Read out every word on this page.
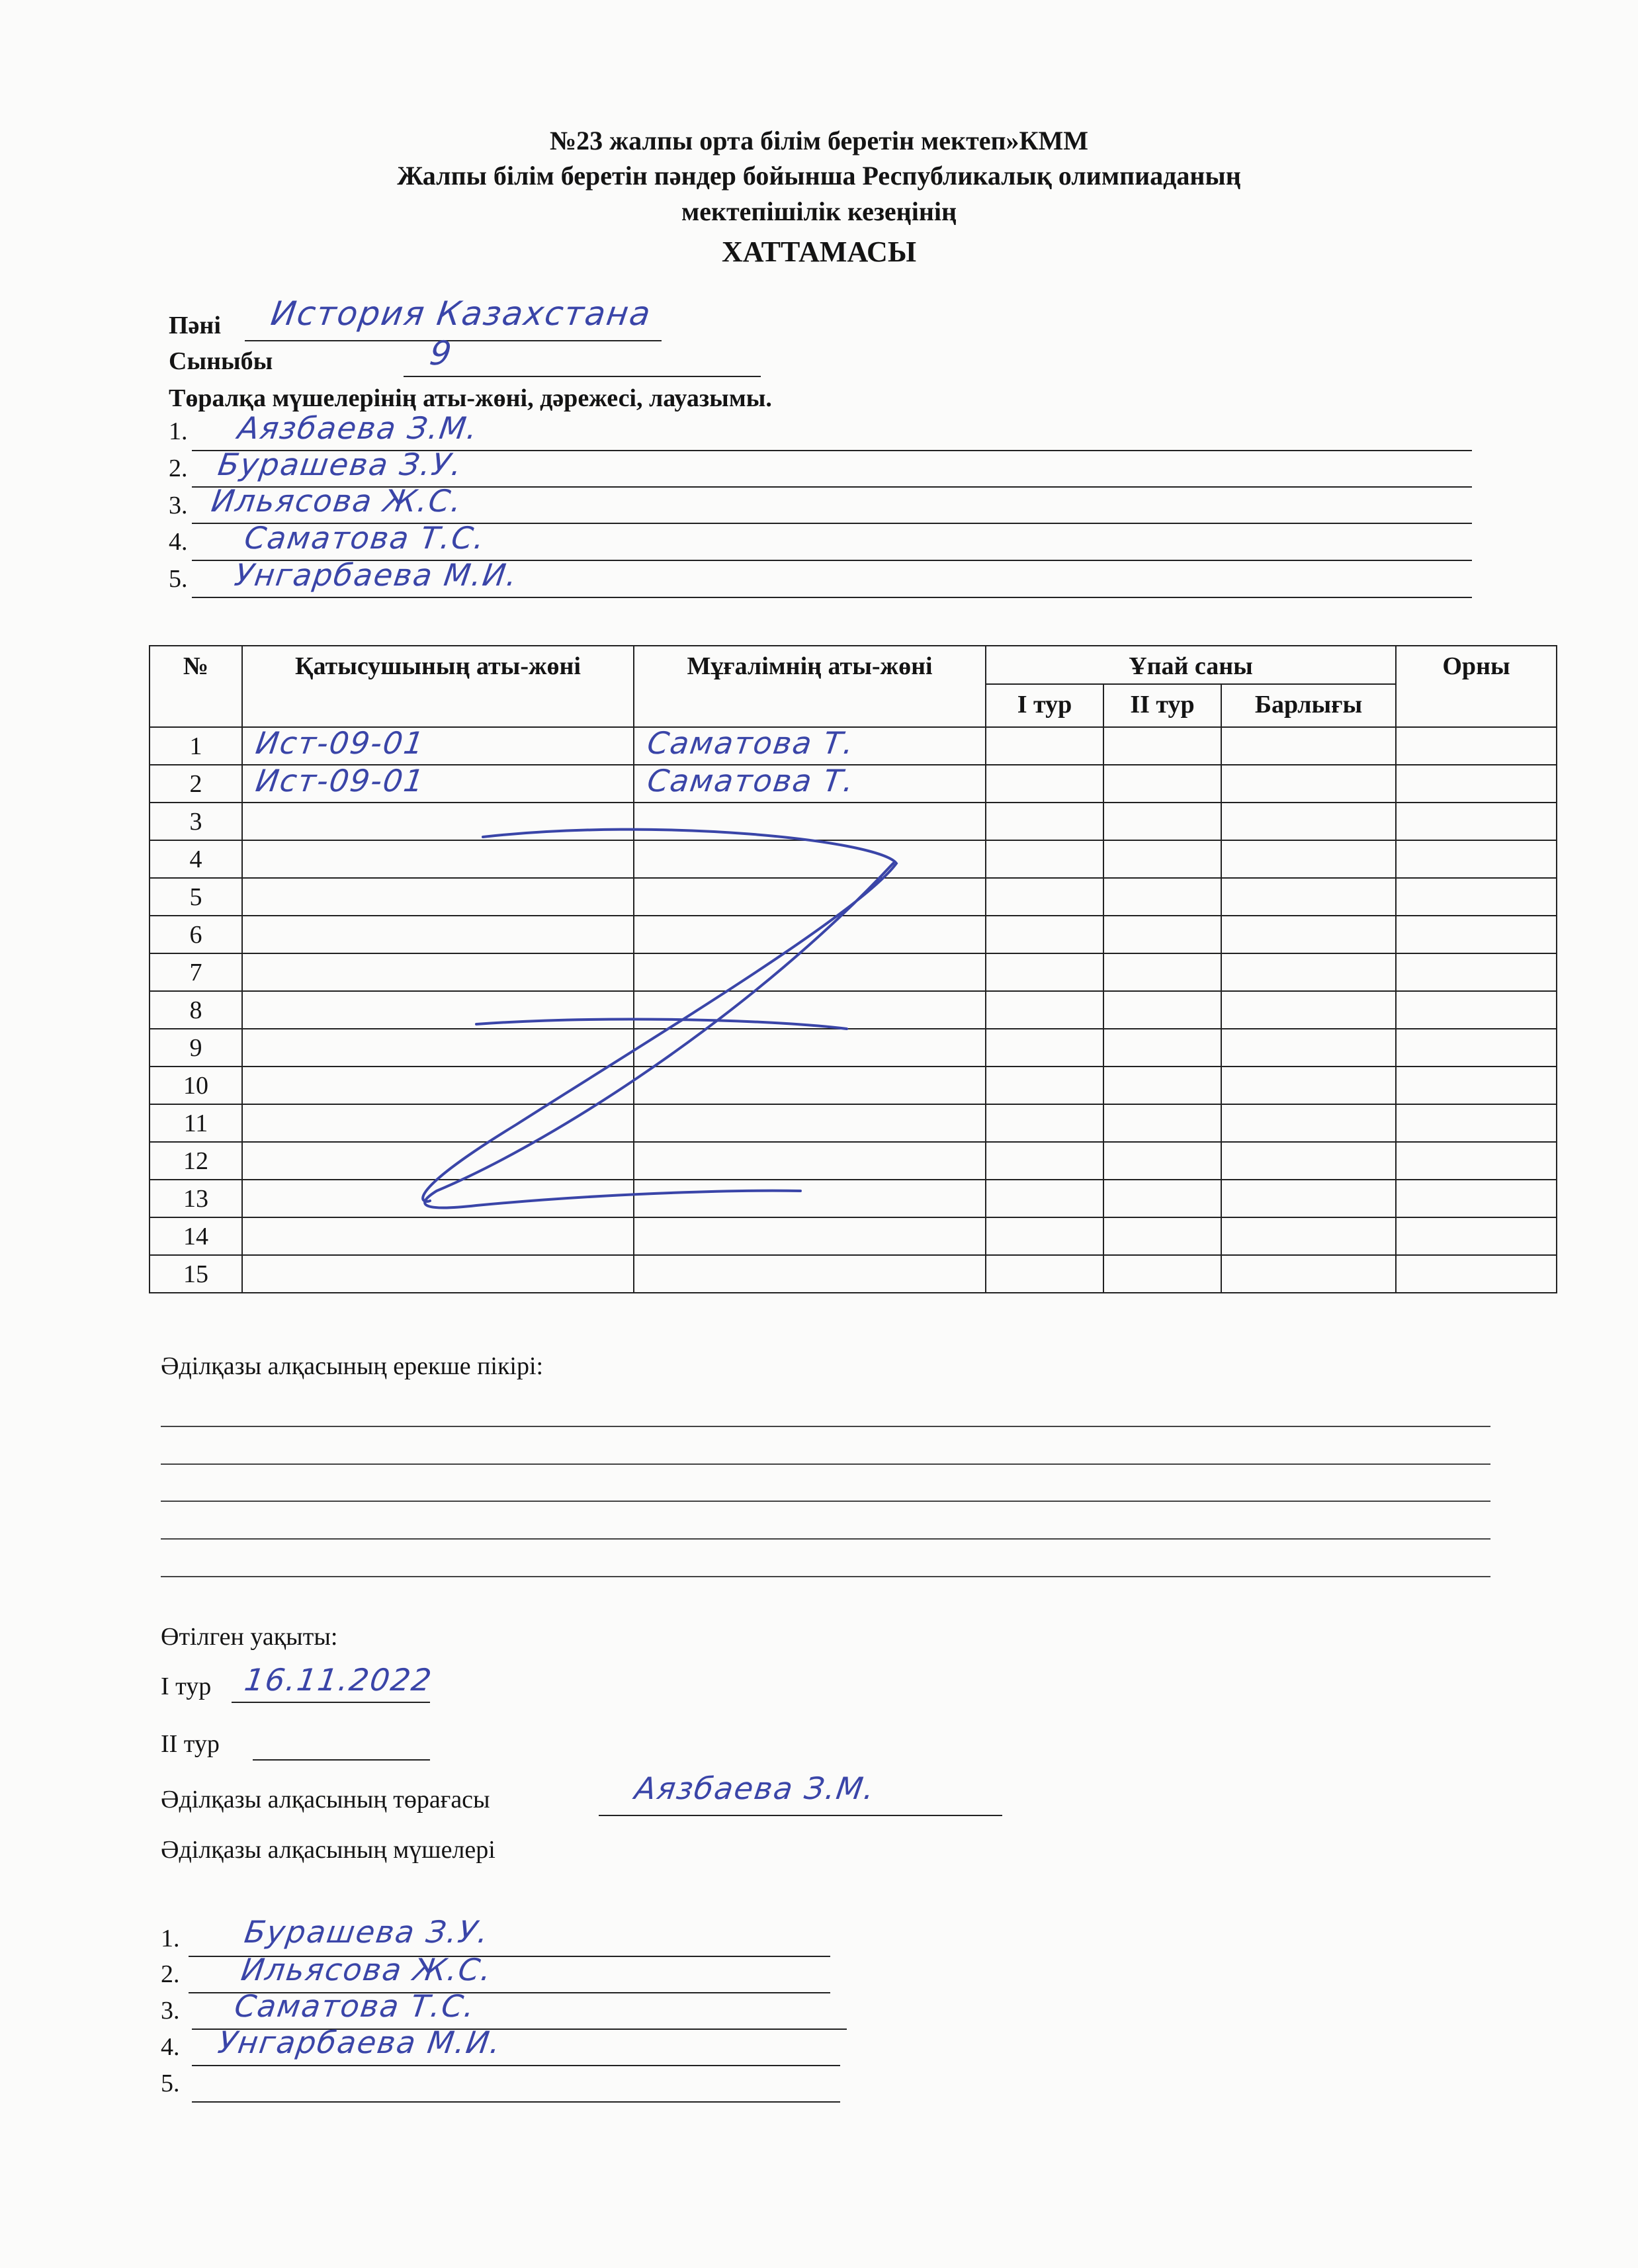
№23 жалпы орта білім беретін мектеп»КММ
Жалпы білім беретін пәндер бойынша Республикалық олимпиаданың
мектепішілік кезеңінің
ХАТТАМАСЫ
Пәні История Казахстана
Сыныбы	9
Төралқа мүшелерінің аты-жөні, дәрежесі, лауазымы.
1. Аязбаева З.М.
2. Бурашева З.У.
3. Ильясова Ж.С.
4. Саматова Т.С.
5. Унгарбаева М.И.
№	Қатысушының аты-жөні	Мұғалімнің аты-жөні	Ұпай саны			Орны
			І тур	ІІ тур	Барлығы	
1	Ист-09-01	Саматова Т.				

2	Ист-09-01	Саматова Т.				

3						
4						
5						
6						
7						
8						
9						
10						
11						
12						
13						
14						
15						
Әділқазы алқасының ерекше пікірі:
Өтілген уақыты:
І тур 16.11.2022
ІІ тур
Әділқазы алқасының төрағасы	Аязбаева З.М.
Әділқазы алқасының мүшелері
1. Бурашева З.У.
2. Ильясова Ж.С.
3. Саматова Т.С.
4. Унгарбаева М.И.
5.
